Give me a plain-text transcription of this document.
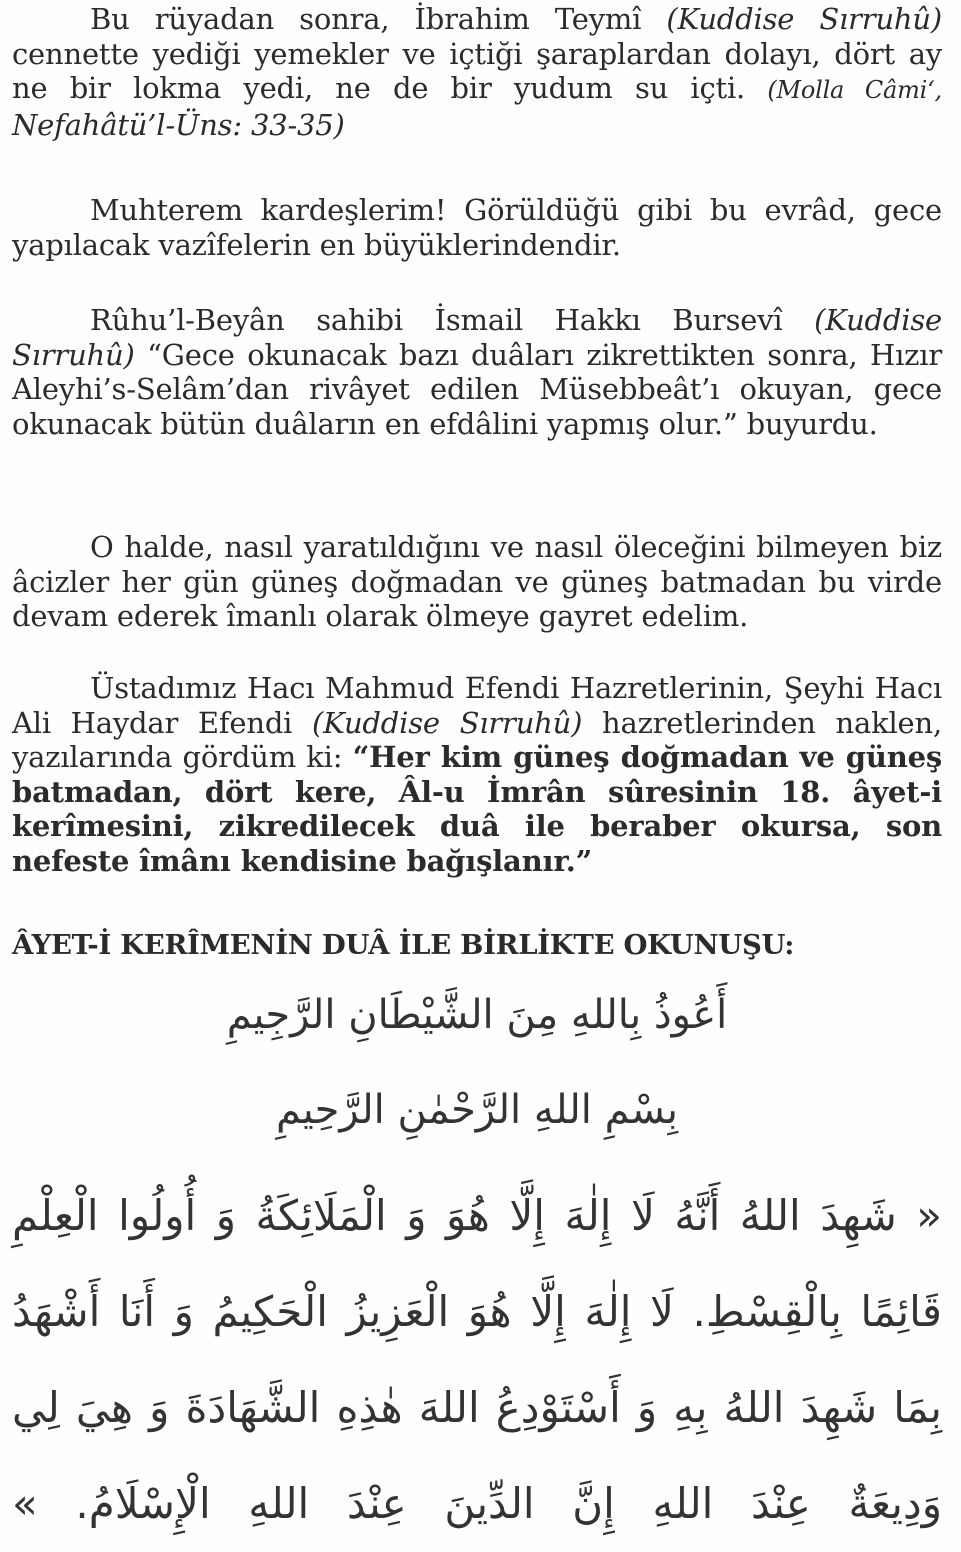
Bu rüyadan sonra, İbrahim Teymî (Kuddise Sırruhû) cennette yediği yemekler ve içtiği şaraplardan dolayı, dört ay ne bir lokma yedi, ne de bir yudum su içti. (Molla Câmi‘, Nefahâtü’l-Üns: 33-35)

Muhterem kardeşlerim! Görüldüğü gibi bu evrâd, gece yapılacak vazîfelerin en büyüklerindendir.

Rûhu’l-Beyân sahibi İsmail Hakkı Bursevî (Kuddise Sırruhû) “Gece okunacak bazı duâları zikrettikten sonra, Hızır Aleyhi’s-Selâm’dan rivâyet edilen Müsebbeât’ı okuyan, gece okunacak bütün duâların en efdâlini yapmış olur.” buyurdu.

O halde, nasıl yaratıldığını ve nasıl öleceğini bilmeyen biz âcizler her gün güneş doğmadan ve güneş batmadan bu virde devam ederek îmanlı olarak ölmeye gayret edelim.

Üstadımız Hacı Mahmud Efendi Hazretlerinin, Şeyhi Hacı Ali Haydar Efendi (Kuddise Sırruhû) hazretlerinden naklen, yazılarında gördüm ki: “Her kim güneş doğmadan ve güneş batmadan, dört kere, Âl-u İmrân sûresinin 18. âyet-i kerîmesini, zikredilecek duâ ile beraber okursa, son nefeste îmânı kendisine bağışlanır.”

ÂYET-İ KERÎMENİN DUÂ İLE BİRLİKTE OKUNUŞU:
أَعُوذُ بِاللهِ مِنَ الشَّيْطَانِ الرَّجِيمِ
بِسْمِ اللهِ الرَّحْمٰنِ الرَّحِيمِ
« شَهِدَ اللهُ أَنَّهُ لَا إِلٰهَ إِلَّا هُوَ وَ الْمَلَائِكَةُ وَ أُولُوا الْعِلْمِ قَائِمًا بِالْقِسْطِ. لَا إِلٰهَ إِلَّا هُوَ الْعَزِيزُ الْحَكِيمُ وَ أَنَا أَشْهَدُ بِمَا شَهِدَ اللهُ بِهِ وَ أَسْتَوْدِعُ اللهَ هٰذِهِ الشَّهَادَةَ وَ هِيَ لِي وَدِيعَةٌ عِنْدَ اللهِ إِنَّ الدِّينَ عِنْدَ اللهِ الْإِسْلَامُ. »
